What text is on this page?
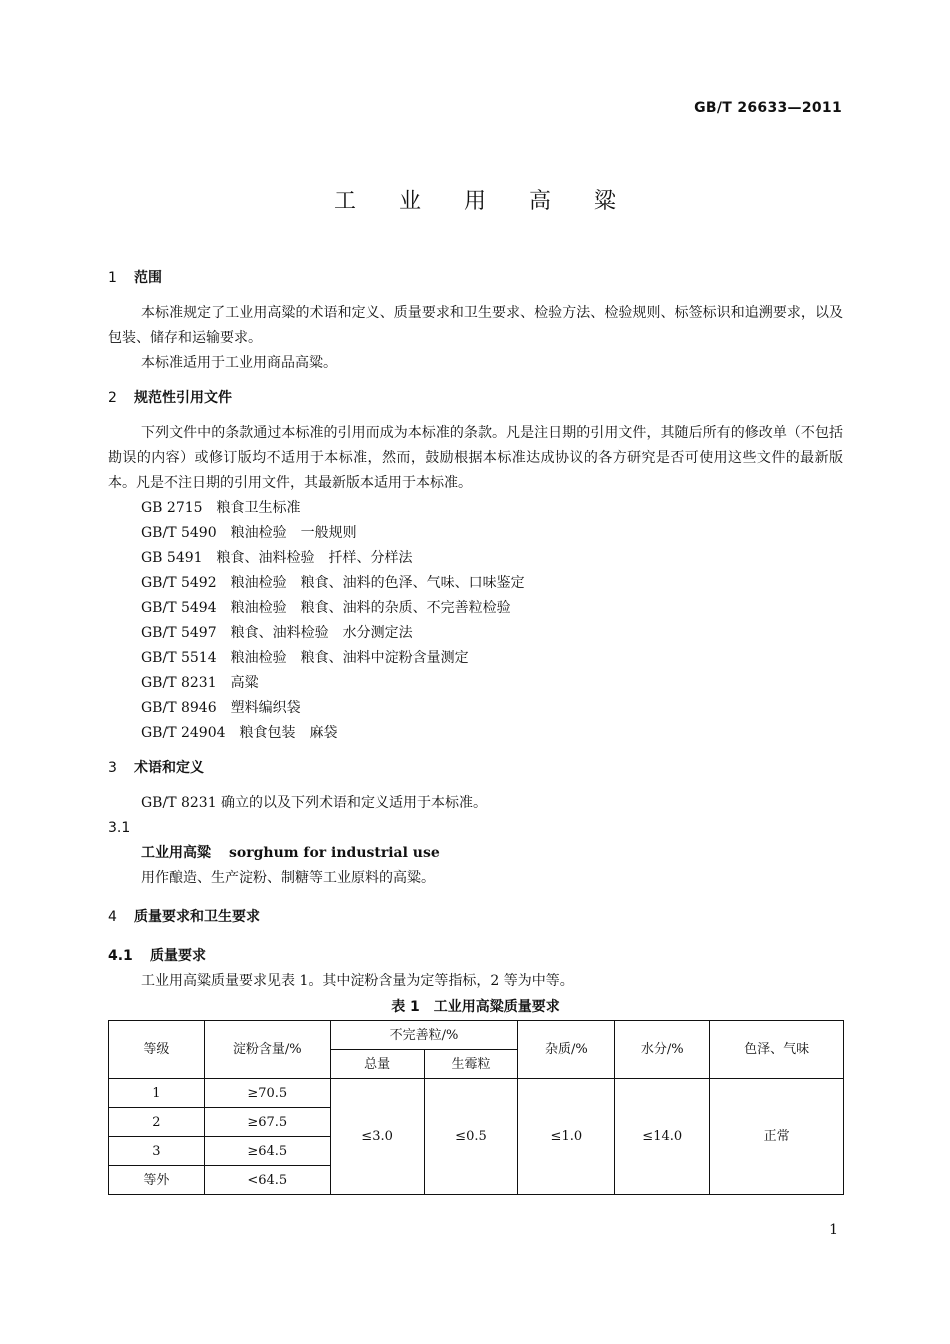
GB/T 26633—2011
工 业 用 高 粱
1 范围

本标准规定了工业用高粱的术语和定义、质量要求和卫生要求、检验方法、检验规则、标签标识和追溯要求，以及包装、储存和运输要求。

本标准适用于工业用商品高粱。

2 规范性引用文件

下列文件中的条款通过本标准的引用而成为本标准的条款。凡是注日期的引用文件，其随后所有的修改单（不包括勘误的内容）或修订版均不适用于本标准，然而，鼓励根据本标准达成协议的各方研究是否可使用这些文件的最新版本。凡是不注日期的引用文件，其最新版本适用于本标准。

GB 2715　粮食卫生标准

GB/T 5490　粮油检验　一般规则

GB 5491　粮食、油料检验　扦样、分样法

GB/T 5492　粮油检验　粮食、油料的色泽、气味、口味鉴定

GB/T 5494　粮油检验　粮食、油料的杂质、不完善粒检验

GB/T 5497　粮食、油料检验　水分测定法

GB/T 5514　粮油检验　粮食、油料中淀粉含量测定

GB/T 8231　高粱

GB/T 8946　塑料编织袋

GB/T 24904　粮食包装　麻袋

3 术语和定义

GB/T 8231 确立的以及下列术语和定义适用于本标准。

3.1

工业用高粱 sorghum for industrial use

用作酿造、生产淀粉、制糖等工业原料的高粱。

4 质量要求和卫生要求
4.1 质量要求

工业用高粱质量要求见表 1。其中淀粉含量为定等指标，2 等为中等。

表 1　工业用高粱质量要求

等级	淀粉含量/%	不完善粒/%		杂质/%	水分/%	色泽、气味
		总量	生霉粒			
1	≥70.5	≤3.0	≤0.5	≤1.0	≤14.0	正常
2	≥67.5					
3	≥64.5					
等外	<64.5					
1
